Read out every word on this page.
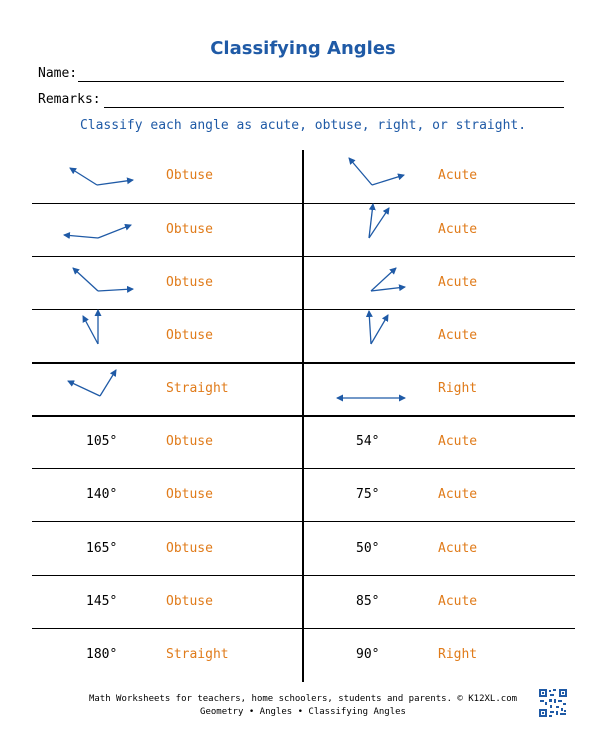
Classifying Angles
Name:
Remarks:
Classify each angle as acute, obtuse, right, or straight.
Obtuse	Acute
Obtuse	Acute
Obtuse	Acute
Obtuse	Acute
Straight	Right
105°	Obtuse	54°	Acute
140°	Obtuse	75°	Acute
165°	Obtuse	50°	Acute
145°	Obtuse	85°	Acute
180°	Straight	90°	Right
Math Worksheets for teachers, home schoolers, students and parents. © K12XL.com
Geometry • Angles • Classifying Angles
